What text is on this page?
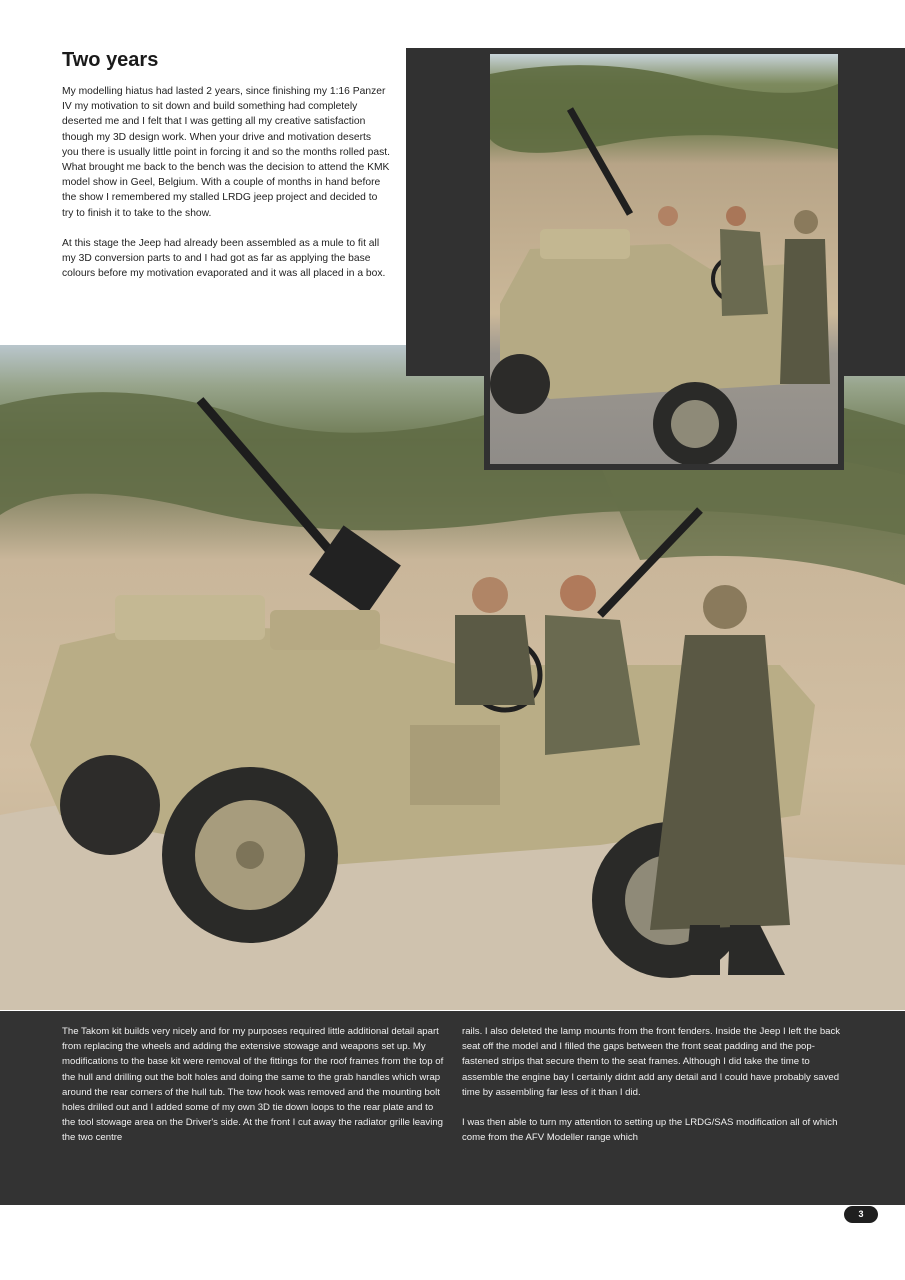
Two years

My modelling hiatus had lasted 2 years, since finishing my 1:16 Panzer IV my motivation to sit down and build something had completely deserted me and I felt that I was getting all my creative satisfaction though my 3D design work. When your drive and motivation deserts you there is usually little point in forcing it and so the months rolled past. What brought me back to the bench was the decision to attend the KMK model show in Geel, Belgium. With a couple of months in hand before the show I remembered my stalled LRDG jeep project and decided to try to finish it to take to the show.

At this stage the Jeep had already been assembled as a mule to fit all my 3D conversion parts to and I had got as far as applying the base colours before my motivation evaporated and it was all placed in a box.

The Takom kit builds very nicely and for my purposes required little additional detail apart from replacing the wheels and adding the extensive stowage and weapons set up. My modifications to the base kit were removal of the fittings for the roof frames from the top of the hull and drilling out the bolt holes and doing the same to the grab handles which wrap around the rear corners of the hull tub. The tow hook was removed and the mounting bolt holes drilled out and I added some of my own 3D tie down loops to the rear plate and to the tool stowage area on the Driver's side. At the front I cut away the radiator grille leaving the two centre

rails. I also deleted the lamp mounts from the front fenders. Inside the Jeep I left the back seat off the model and I filled the gaps between the front seat padding and the pop-fastened strips that secure them to the seat frames. Although I did take the time to assemble the engine bay I certainly didnt add any detail and I could have probably saved time by assembling far less of it than I did.

I was then able to turn my attention to setting up the LRDG/SAS modification all of which come from the AFV Modeller range which

3
